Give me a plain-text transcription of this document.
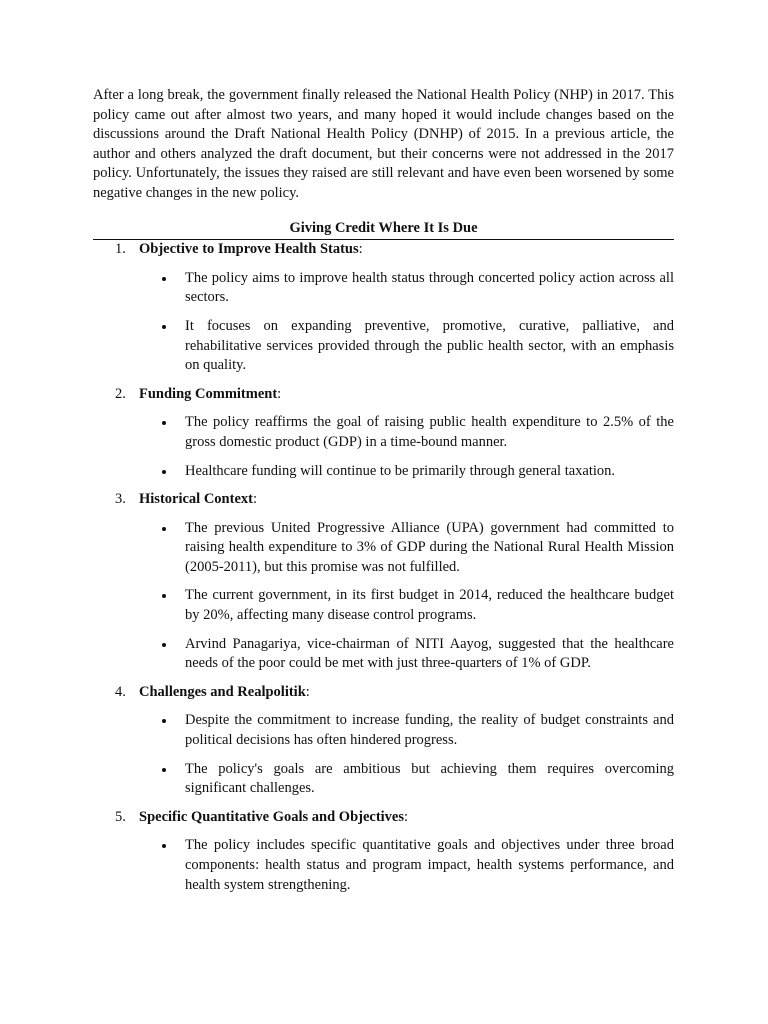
After a long break, the government finally released the National Health Policy (NHP) in 2017. This policy came out after almost two years, and many hoped it would include changes based on the discussions around the Draft National Health Policy (DNHP) of 2015. In a previous article, the author and others analyzed the draft document, but their concerns were not addressed in the 2017 policy. Unfortunately, the issues they raised are still relevant and have even been worsened by some negative changes in the new policy.

Giving Credit Where It Is Due
1. Objective to Improve Health Status:
The policy aims to improve health status through concerted policy action across all sectors.
It focuses on expanding preventive, promotive, curative, palliative, and rehabilitative services provided through the public health sector, with an emphasis on quality.
2. Funding Commitment:
The policy reaffirms the goal of raising public health expenditure to 2.5% of the gross domestic product (GDP) in a time-bound manner.
Healthcare funding will continue to be primarily through general taxation.
3. Historical Context:
The previous United Progressive Alliance (UPA) government had committed to raising health expenditure to 3% of GDP during the National Rural Health Mission (2005-2011), but this promise was not fulfilled.
The current government, in its first budget in 2014, reduced the healthcare budget by 20%, affecting many disease control programs.
Arvind Panagariya, vice-chairman of NITI Aayog, suggested that the healthcare needs of the poor could be met with just three-quarters of 1% of GDP.
4. Challenges and Realpolitik:
Despite the commitment to increase funding, the reality of budget constraints and political decisions has often hindered progress.
The policy's goals are ambitious but achieving them requires overcoming significant challenges.
5. Specific Quantitative Goals and Objectives:
The policy includes specific quantitative goals and objectives under three broad components: health status and program impact, health systems performance, and health system strengthening.
